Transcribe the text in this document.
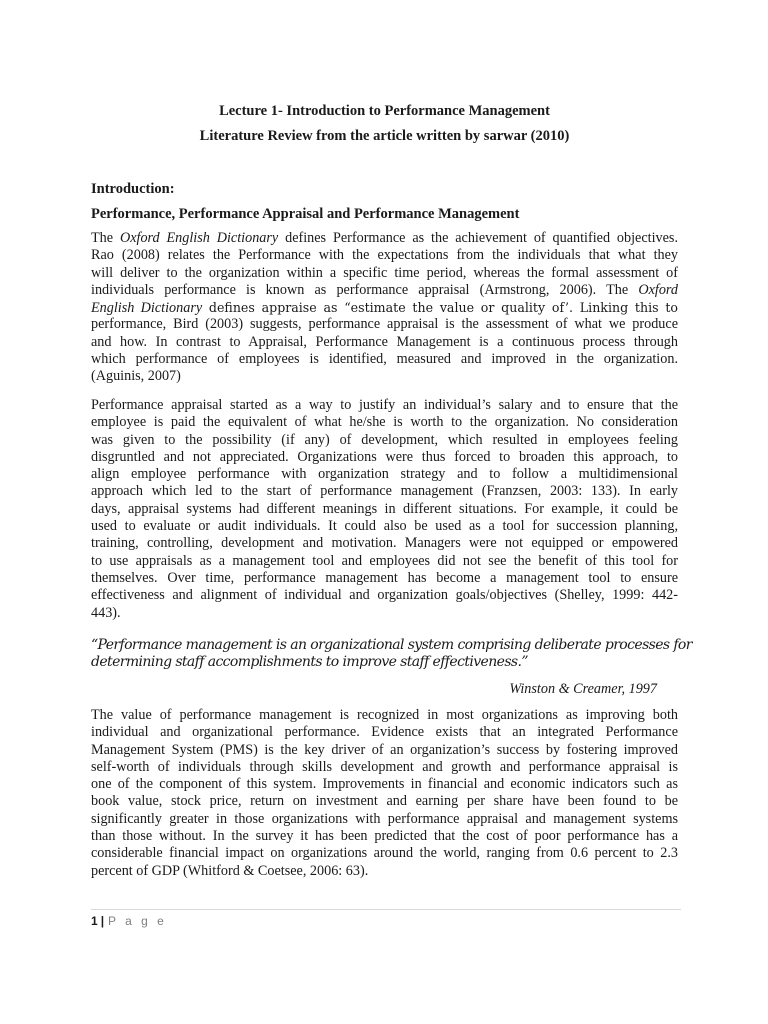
Lecture 1- Introduction to Performance Management
Literature Review from the article written by sarwar (2010)
Introduction:
Performance, Performance Appraisal and Performance Management
The Oxford English Dictionary defines Performance as the achievement of quantified objectives.
Rao (2008) relates the Performance with the expectations from the individuals that what they
will deliver to the organization within a specific time period, whereas the formal assessment of
individuals performance is known as performance appraisal (Armstrong, 2006). The Oxford
English Dictionary defines appraise as “estimate the value or quality of’. Linking this to
performance, Bird (2003) suggests, performance appraisal is the assessment of what we produce
and how. In contrast to Appraisal, Performance Management is a continuous process through
which performance of employees is identified, measured and improved in the organization.
(Aguinis, 2007)
Performance appraisal started as a way to justify an individual’s salary and to ensure that the
employee is paid the equivalent of what he/she is worth to the organization. No consideration
was given to the possibility (if any) of development, which resulted in employees feeling
disgruntled and not appreciated. Organizations were thus forced to broaden this approach, to
align employee performance with organization strategy and to follow a multidimensional
approach which led to the start of performance management (Franzsen, 2003: 133). In early
days, appraisal systems had different meanings in different situations. For example, it could be
used to evaluate or audit individuals. It could also be used as a tool for succession planning,
training, controlling, development and motivation. Managers were not equipped or empowered
to use appraisals as a management tool and employees did not see the benefit of this tool for
themselves. Over time, performance management has become a management tool to ensure
effectiveness and alignment of individual and organization goals/objectives (Shelley, 1999: 442-
443).
“Performance management is an organizational system comprising deliberate processes for
determining staff accomplishments to improve staff effectiveness.”
Winston & Creamer, 1997
The value of performance management is recognized in most organizations as improving both
individual and organizational performance. Evidence exists that an integrated Performance
Management System (PMS) is the key driver of an organization’s success by fostering improved
self-worth of individuals through skills development and growth and performance appraisal is
one of the component of this system. Improvements in financial and economic indicators such as
book value, stock price, return on investment and earning per share have been found to be
significantly greater in those organizations with performance appraisal and management systems
than those without. In the survey it has been predicted that the cost of poor performance has a
considerable financial impact on organizations around the world, ranging from 0.6 percent to 2.3
percent of GDP (Whitford & Coetsee, 2006: 63).
1 | P a g e
